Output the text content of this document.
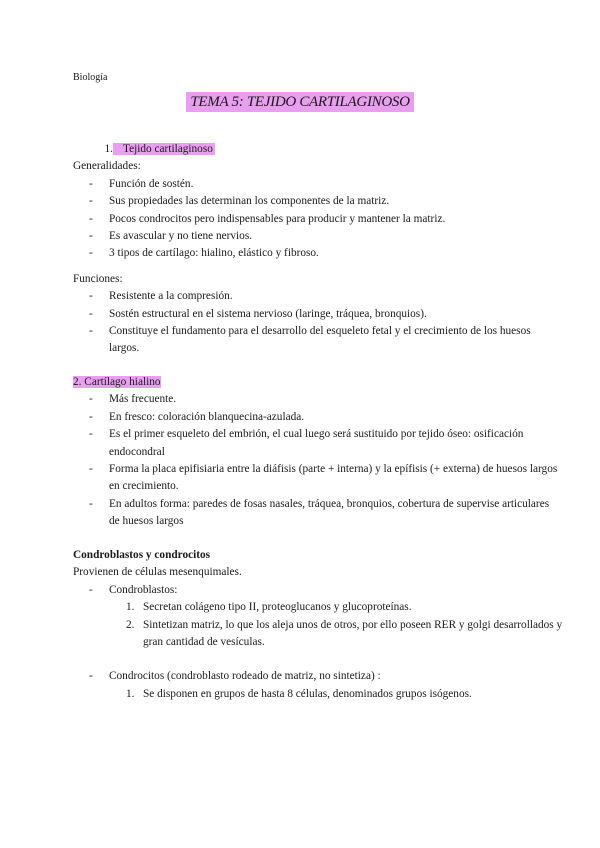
Biología
TEMA 5: TEJIDO CARTILAGINOSO
1. Tejido cartilaginoso
Generalidades:
- Función de sostén.
- Sus propiedades las determinan los componentes de la matriz.
- Pocos condrocitos pero indispensables para producir y mantener la matriz.
- Es avascular y no tiene nervios.
- 3 tipos de cartílago: hialino, elástico y fibroso.
Funciones:
- Resistente a la compresión.
- Sostén estructural en el sistema nervioso (laringe, tráquea, bronquios).
- Constituye el fundamento para el desarrollo del esqueleto fetal y el crecimiento de los huesos largos.
2. Cartílago hialino
- Más frecuente.
- En fresco: coloración blanquecina-azulada.
- Es el primer esqueleto del embrión, el cual luego será sustituido por tejido óseo: osificación endocondral
- Forma la placa epifisiaria entre la diáfisis (parte + interna) y la epífisis (+ externa) de huesos largos en crecimiento.
- En adultos forma: paredes de fosas nasales, tráquea, bronquios, cobertura de supervise articulares de huesos largos
Condroblastos y condrocitos
Provienen de células mesenquimales.
- Condroblastos:
1. Secretan colágeno tipo II, proteoglucanos y glucoproteínas.
2. Sintetizan matriz, lo que los aleja unos de otros, por ello poseen RER y golgi desarrollados y gran cantidad de vesículas.
- Condrocitos (condroblasto rodeado de matriz, no sintetiza) :
1. Se disponen en grupos de hasta 8 células, denominados grupos isógenos.
